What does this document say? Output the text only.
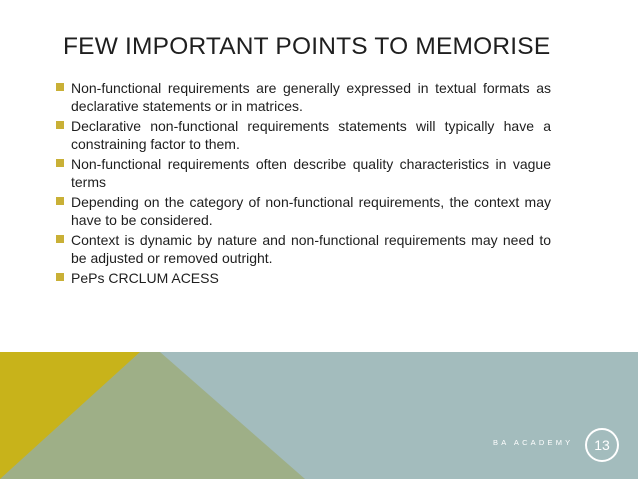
FEW IMPORTANT POINTS TO MEMORISE
Non-functional requirements are generally expressed in textual formats as declarative statements or in matrices.
Declarative non-functional requirements statements will typically have a constraining factor to them.
Non-functional requirements often describe quality characteristics in vague terms
Depending on the category of non-functional requirements, the context may have to be considered.
Context is dynamic by nature and non-functional requirements may need to be adjusted or removed outright.
PePs CRCLUM ACESS
BA ACADEMY 13
